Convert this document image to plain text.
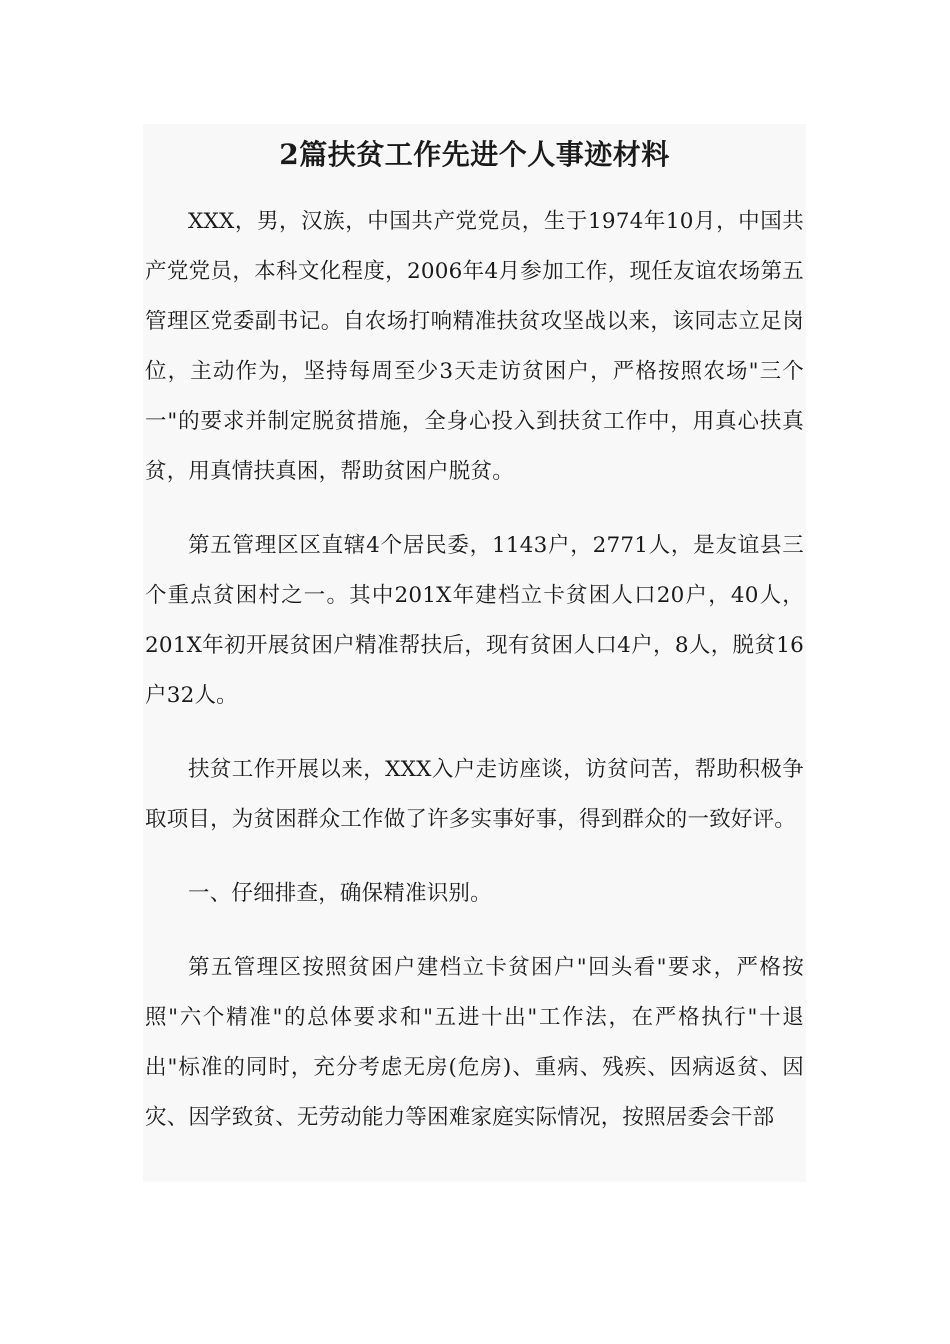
2篇扶贫工作先进个人事迹材料

XXX，男，汉族，中国共产党党员，生于1974年10月，中国共产党党员，本科文化程度，2006年4月参加工作，现任友谊农场第五管理区党委副书记。自农场打响精准扶贫攻坚战以来，该同志立足岗位，主动作为，坚持每周至少3天走访贫困户，严格按照农场"三个一"的要求并制定脱贫措施，全身心投入到扶贫工作中，用真心扶真贫，用真情扶真困，帮助贫困户脱贫。

第五管理区区直辖4个居民委，1143户，2771人，是友谊县三个重点贫困村之一。其中201X年建档立卡贫困人口20户，40人，201X年初开展贫困户精准帮扶后，现有贫困人口4户，8人，脱贫16户32人。

扶贫工作开展以来，XXX入户走访座谈，访贫问苦，帮助积极争取项目，为贫困群众工作做了许多实事好事，得到群众的一致好评。

一、仔细排查，确保精准识别。

第五管理区按照贫困户建档立卡贫困户"回头看"要求，严格按照"六个精准"的总体要求和"五进十出"工作法，在严格执行"十退出"标准的同时，充分考虑无房(危房)、重病、残疾、因病返贫、因灾、因学致贫、无劳动能力等困难家庭实际情况，按照居委会干部
